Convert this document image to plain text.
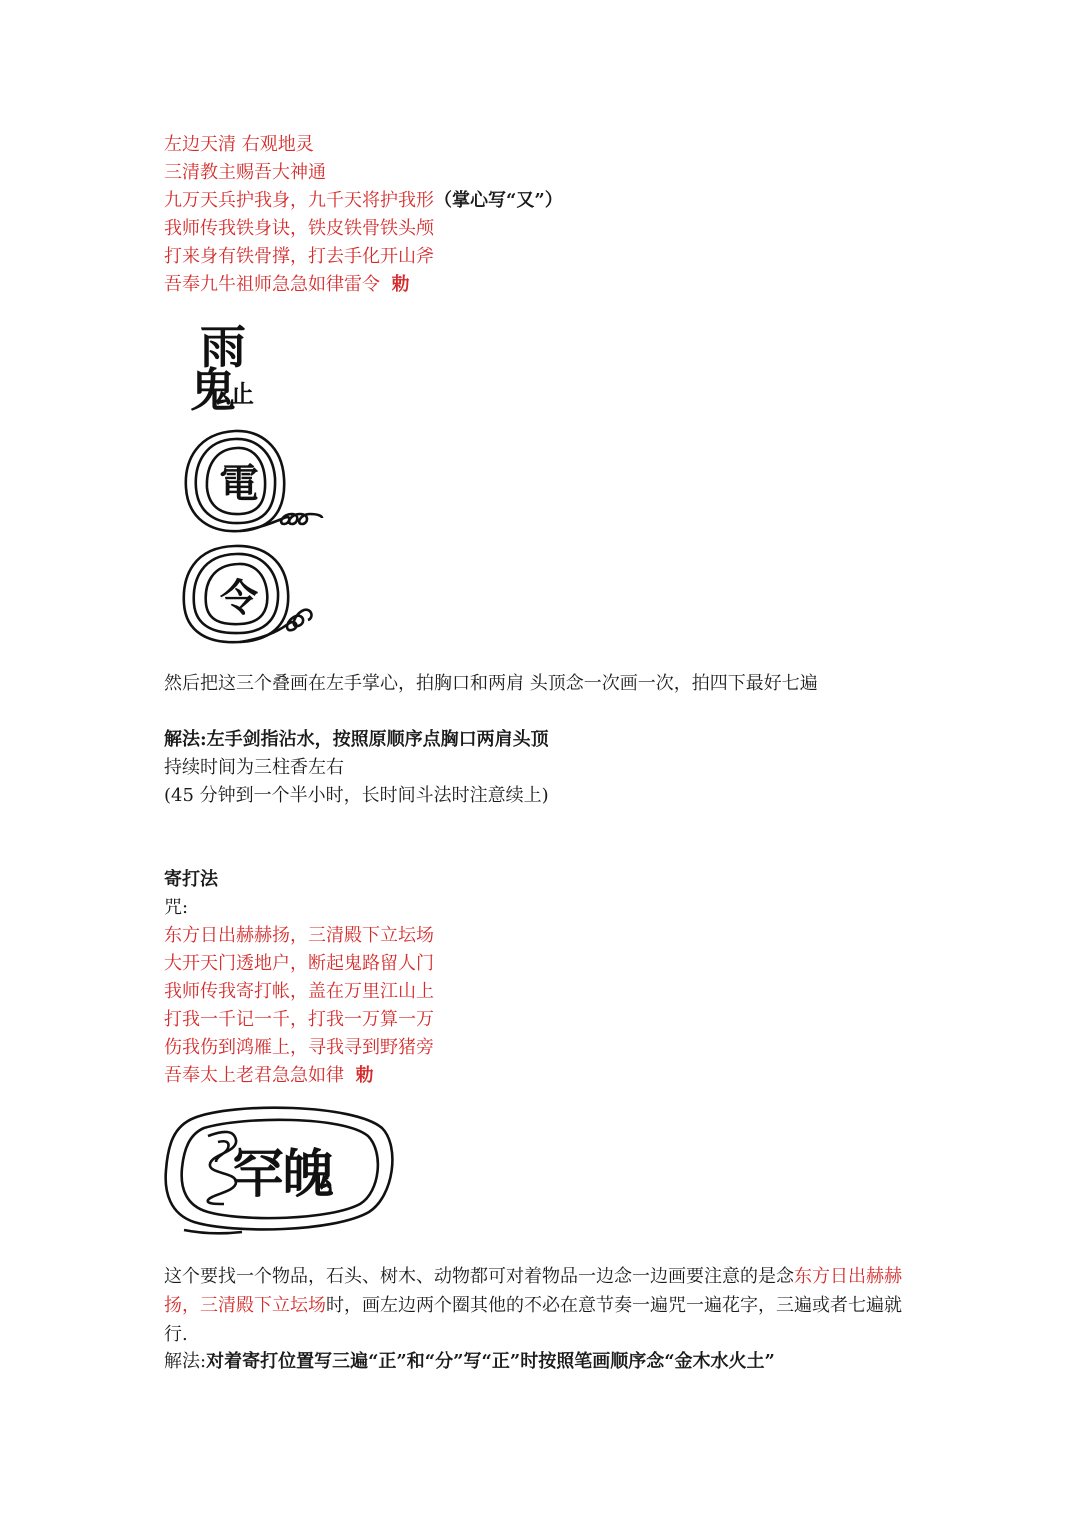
左边天清 右观地灵
三清教主赐吾大神通
九万天兵护我身，九千天将护我形（掌心写“又”）
我师传我铁身诀，铁皮铁骨铁头颅
打来身有铁骨撑，打去手化开山斧
吾奉九牛祖师急急如律雷令 勅
雨
鬼
止
電
令
然后把这三个叠画在左手掌心，拍胸口和两肩 头顶念一次画一次，拍四下最好七遍
解法:左手剑指沾水，按照原顺序点胸口两肩头顶
持续时间为三柱香左右
(45 分钟到一个半小时，长时间斗法时注意续上)
寄打法
咒:
东方日出赫赫扬，三清殿下立坛场
大开天门透地户，断起鬼路留人门
我师传我寄打帐，盖在万里江山上
打我一千记一千，打我一万算一万
伤我伤到鸿雁上，寻我寻到野猪旁
吾奉太上老君急急如律 勅
罕
魄
这个要找一个物品，石头、树木、动物都可对着物品一边念一边画要注意的是念东方日出赫赫扬，三清殿下立坛场时，画左边两个圈其他的不必在意节奏一遍咒一遍花字，三遍或者七遍就行.
解法:对着寄打位置写三遍“正”和“分”写“正”时按照笔画顺序念“金木水火土”
